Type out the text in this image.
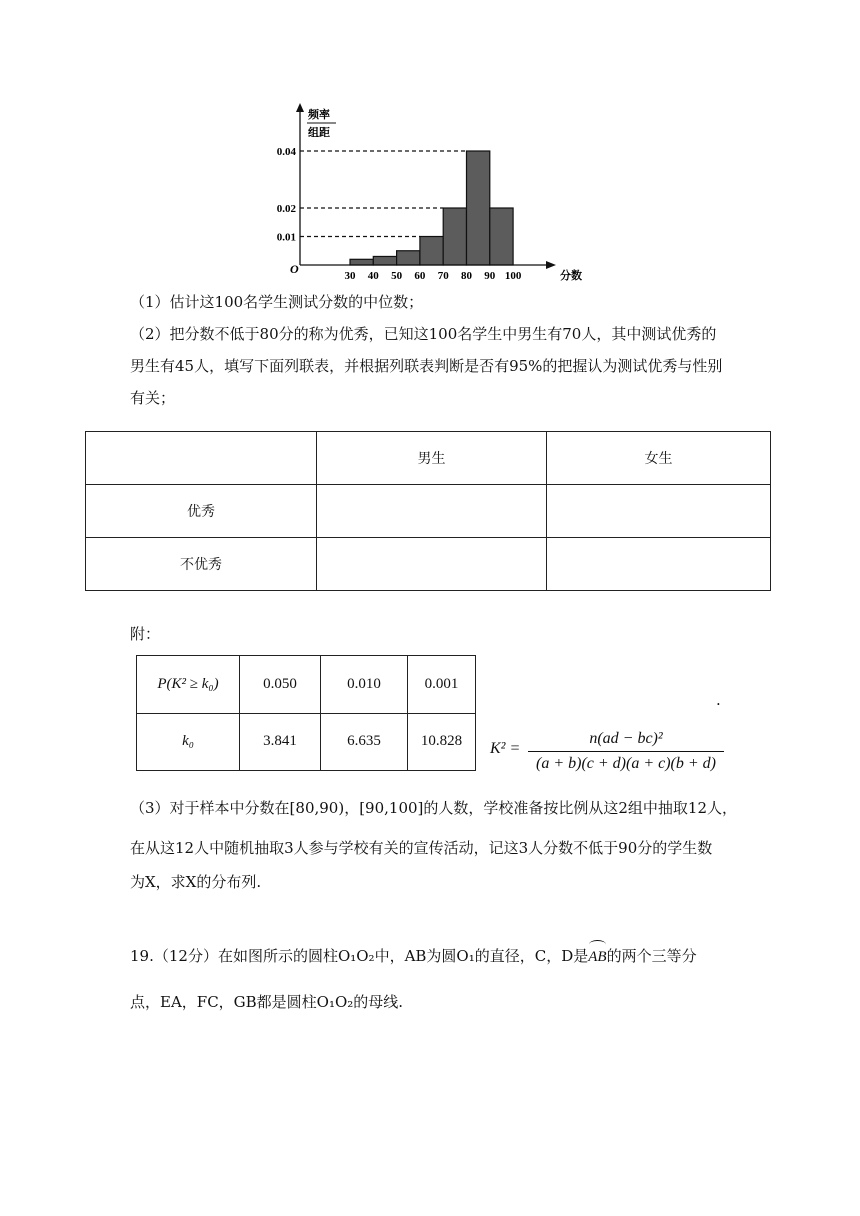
频率
组距
0.04
0.02
0.01
O	30 40 50 60 70 80 90 100	分数
（1）估计这100名学生测试分数的中位数；
（2）把分数不低于80分的称为优秀，已知这100名学生中男生有70人，其中测试优秀的
男生有45人，填写下面列联表，并根据列联表判断是否有95%的把握认为测试优秀与性别
有关；
	男生	女生
优秀		
不优秀		
附：
P(K² ≥ k₀)	0.050	0.010	0.001
k₀	3.841	6.635	10.828
.
K² =
n(ad − bc)²
(a + b)(c + d)(a + c)(b + d)
（3）对于样本中分数在[80,90)，[90,100]的人数，学校准备按比例从这2组中抽取12人，
在从这12人中随机抽取3人参与学校有关的宣传活动，记这3人分数不低于90分的学生数
为X，求X的分布列.
19.（12分）在如图所示的圆柱O₁O₂中，AB为圆O₁的直径，C，D是AB的两个三等分
点，EA，FC，GB都是圆柱O₁O₂的母线.
